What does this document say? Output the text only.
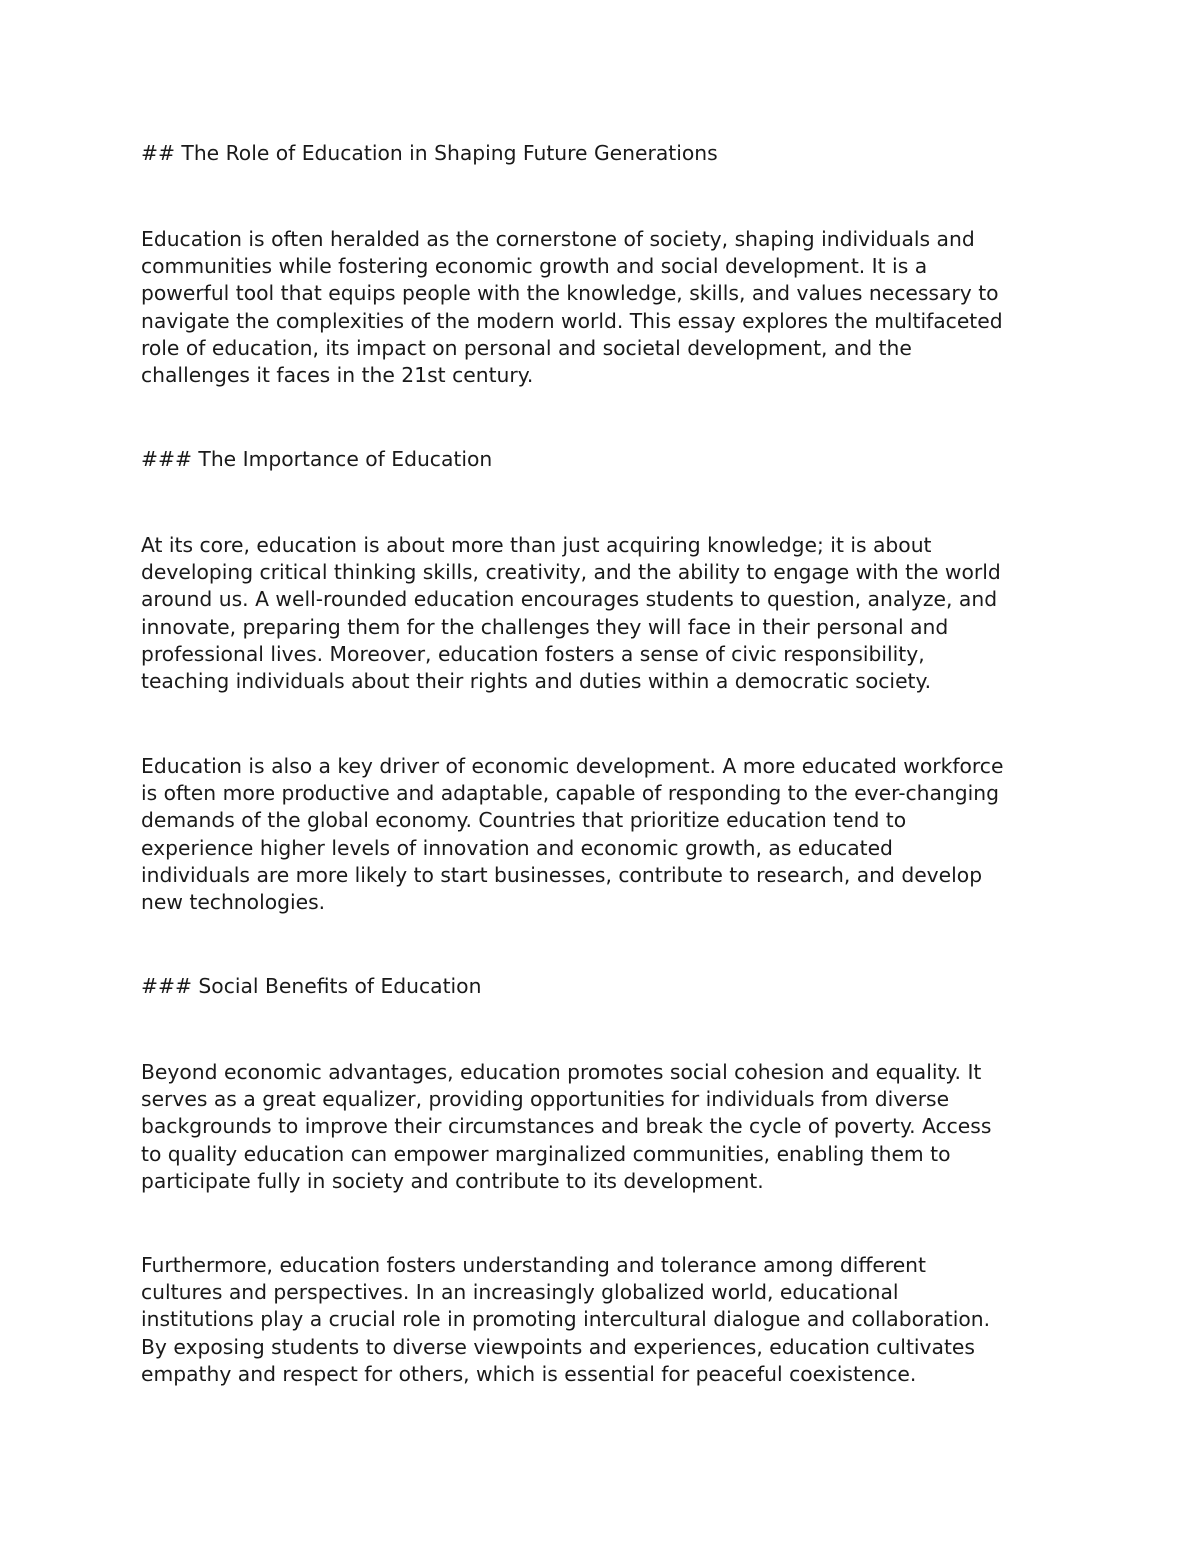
## The Role of Education in Shaping Future Generations

Education is often heralded as the cornerstone of society, shaping individuals and
communities while fostering economic growth and social development. It is a
powerful tool that equips people with the knowledge, skills, and values necessary to
navigate the complexities of the modern world. This essay explores the multifaceted
role of education, its impact on personal and societal development, and the
challenges it faces in the 21st century.

### The Importance of Education

At its core, education is about more than just acquiring knowledge; it is about
developing critical thinking skills, creativity, and the ability to engage with the world
around us. A well-rounded education encourages students to question, analyze, and
innovate, preparing them for the challenges they will face in their personal and
professional lives. Moreover, education fosters a sense of civic responsibility,
teaching individuals about their rights and duties within a democratic society.

Education is also a key driver of economic development. A more educated workforce
is often more productive and adaptable, capable of responding to the ever-changing
demands of the global economy. Countries that prioritize education tend to
experience higher levels of innovation and economic growth, as educated
individuals are more likely to start businesses, contribute to research, and develop
new technologies.

### Social Benefits of Education

Beyond economic advantages, education promotes social cohesion and equality. It
serves as a great equalizer, providing opportunities for individuals from diverse
backgrounds to improve their circumstances and break the cycle of poverty. Access
to quality education can empower marginalized communities, enabling them to
participate fully in society and contribute to its development.

Furthermore, education fosters understanding and tolerance among different
cultures and perspectives. In an increasingly globalized world, educational
institutions play a crucial role in promoting intercultural dialogue and collaboration.
By exposing students to diverse viewpoints and experiences, education cultivates
empathy and respect for others, which is essential for peaceful coexistence.
